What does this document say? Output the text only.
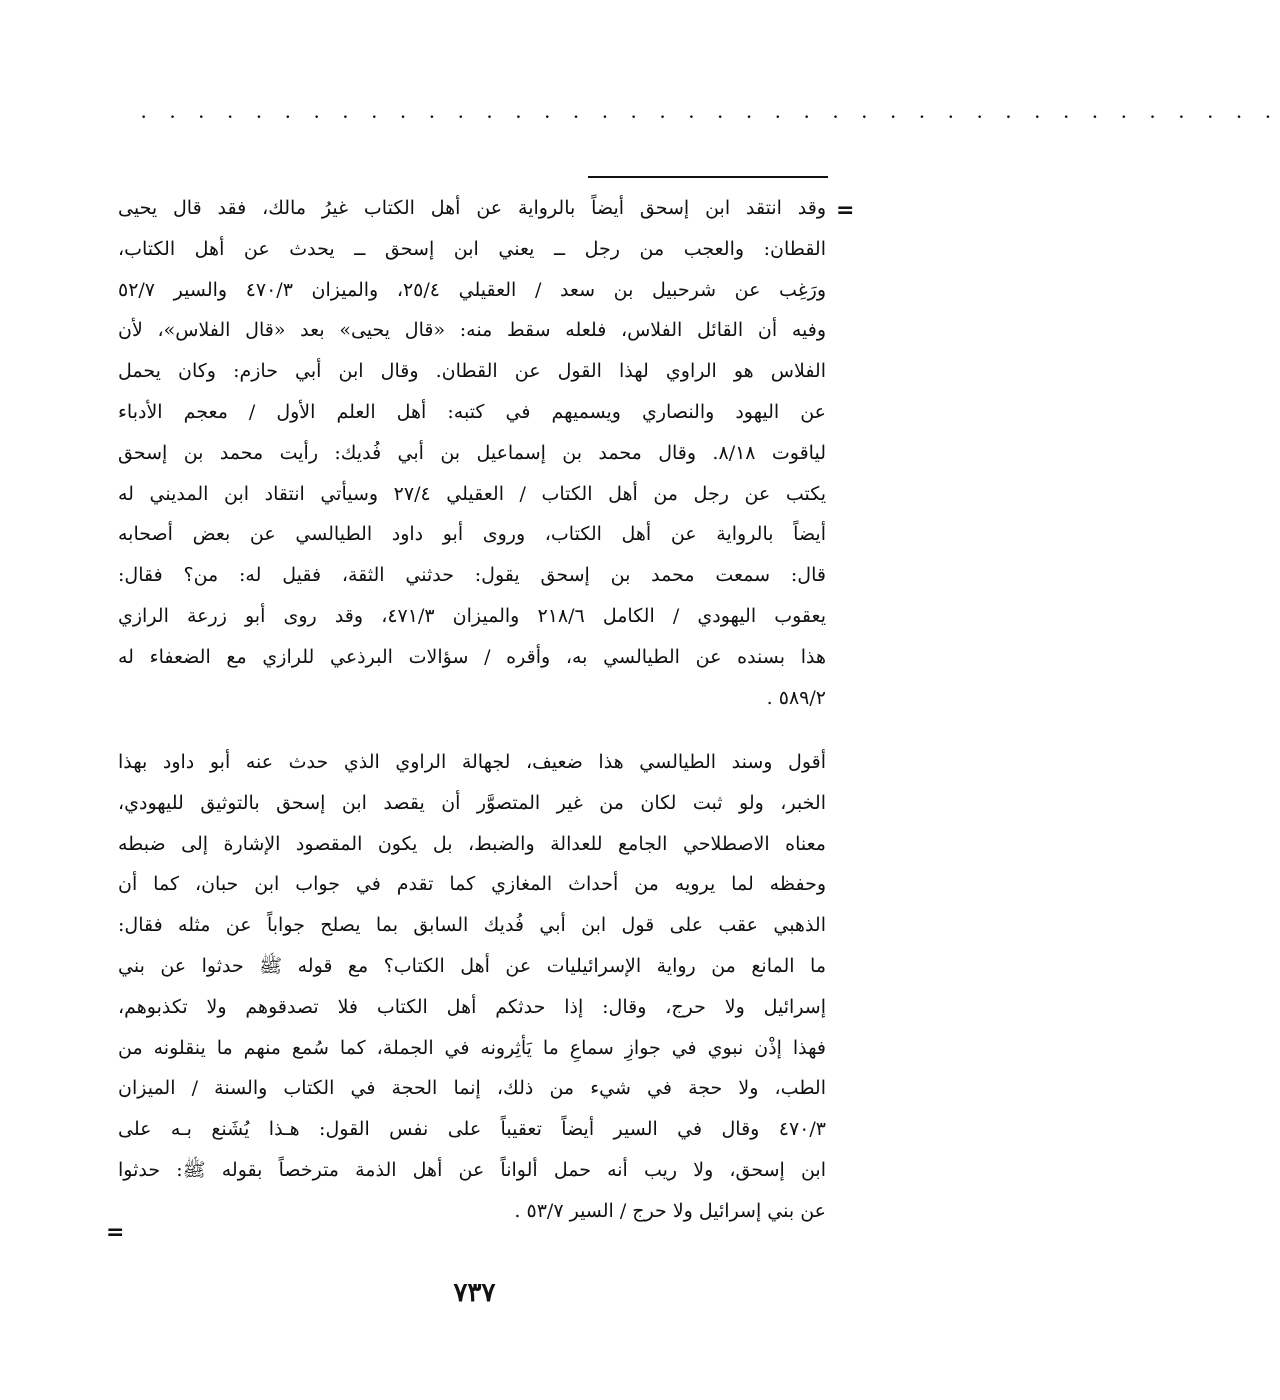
· · · · · · · · · · · · · · · · · · · · · · · · · · · · · · · · · · · · · · · ·
=
وقد انتقد ابن إسحق أيضاً بالرواية عن أهل الكتاب غيرُ مالك، فقد قال يحيى
القطان: والعجب من رجل ــ يعني ابن إسحق ــ يحدث عن أهل الكتاب،
ورَغِب عن شرحبيل بن سعد / العقيلي ٢٥/٤، والميزان ٤٧٠/٣ والسير ٥٢/٧
وفيه أن القائل الفلاس، فلعله سقط منه: «قال يحيى» بعد «قال الفلاس»، لأن
الفلاس هو الراوي لهذا القول عن القطان. وقال ابن أبي حازم: وكان يحمل
عن اليهود والنصاري ويسميهم في كتبه: أهل العلم الأول / معجم الأدباء
لياقوت ٨/١٨. وقال محمد بن إسماعيل بن أبي فُديك: رأيت محمد بن إسحق
يكتب عن رجل من أهل الكتاب / العقيلي ٢٧/٤ وسيأتي انتقاد ابن المديني له
أيضاً بالرواية عن أهل الكتاب، وروى أبو داود الطيالسي عن بعض أصحابه
قال: سمعت محمد بن إسحق يقول: حدثني الثقة، فقيل له: من؟ فقال:
يعقوب اليهودي / الكامل ٢١٨/٦ والميزان ٤٧١/٣، وقد روى أبو زرعة الرازي
هذا بسنده عن الطيالسي به، وأقره / سؤالات البرذعي للرازي مع الضعفاء له
٥٨٩/٢ .
أقول وسند الطيالسي هذا ضعيف، لجهالة الراوي الذي حدث عنه أبو داود بهذا
الخبر، ولو ثبت لكان من غير المتصوَّر أن يقصد ابن إسحق بالتوثيق لليهودي،
معناه الاصطلاحي الجامع للعدالة والضبط، بل يكون المقصود الإشارة إلى ضبطه
وحفظه لما يرويه من أحداث المغازي كما تقدم في جواب ابن حبان، كما أن
الذهبي عقب على قول ابن أبي فُديك السابق بما يصلح جواباً عن مثله فقال:
ما المانع من رواية الإسرائيليات عن أهل الكتاب؟ مع قوله ﷺ حدثوا عن بني
إسرائيل ولا حرج، وقال: إذا حدثكم أهل الكتاب فلا تصدقوهم ولا تكذبوهم،
فهذا إذْن نبوي في جوازِ سماعِ ما يَأثِرونه في الجملة، كما سُمع منهم ما ينقلونه من
الطب، ولا حجة في شيء من ذلك، إنما الحجة في الكتاب والسنة / الميزان
٤٧٠/٣ وقال في السير أيضاً تعقيباً على نفس القول: هـذا يُشَنع بـه على
ابن إسحق، ولا ريب أنه حمل ألواناً عن أهل الذمة مترخصاً بقوله ﷺ: حدثوا
عن بني إسرائيل ولا حرج / السير ٥٣/٧ .
=
٧٣٧
